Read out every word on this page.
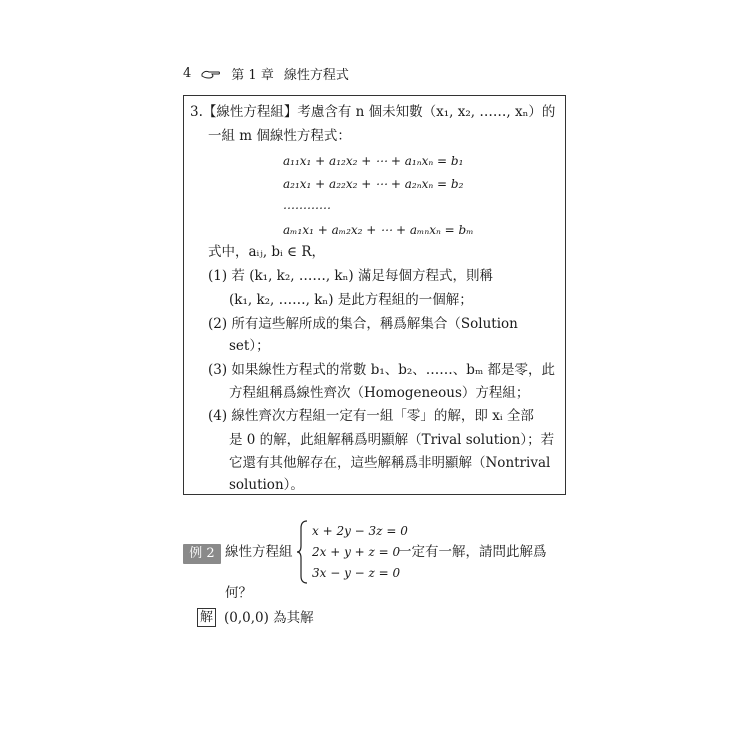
4	第 1 章 線性方程式
3.【線性方程組】考慮含有 n 個未知數（x₁, x₂, ……, xₙ）的
一組 m 個線性方程式：
a₁₁x₁ + a₁₂x₂ + ⋯ + a₁ₙxₙ = b₁
a₂₁x₁ + a₂₂x₂ + ⋯ + a₂ₙxₙ = b₂
…………
aₘ₁x₁ + aₘ₂x₂ + ⋯ + aₘₙxₙ = bₘ
式中，aᵢⱼ, bᵢ ∈ R，
(1) 若 (k₁, k₂, ……, kₙ) 滿足每個方程式，則稱
(k₁, k₂, ……, kₙ) 是此方程組的一個解；
(2) 所有這些解所成的集合，稱爲解集合（Solution
set）；
(3) 如果線性方程式的常數 b₁、b₂、……、bₘ 都是零，此
方程組稱爲線性齊次（Homogeneous）方程組；
(4) 線性齊次方程組一定有一組「零」的解，即 xᵢ 全部
是 0 的解，此組解稱爲明顯解（Trival solution）；若
它還有其他解存在，這些解稱爲非明顯解（Nontrival
solution）。
例 2 線性方程組
x + 2y − 3z = 0
2x + y + z = 0
3x − y − z = 0
一定有一解，請問此解爲
何？
解 (0,0,0) 為其解
